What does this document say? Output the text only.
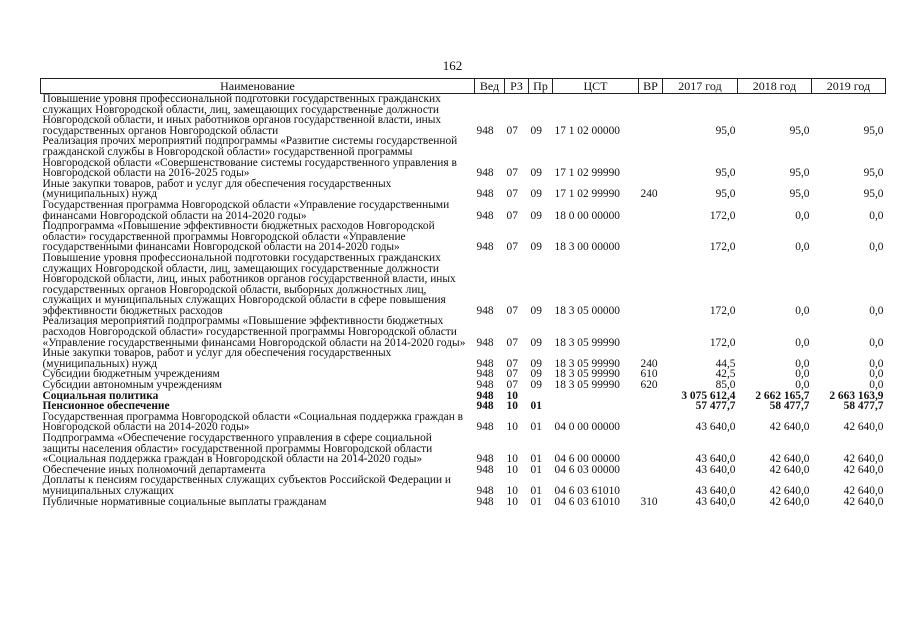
162
Наименование	Вед	РЗ	Пр	ЦСТ	ВР	2017 год	2018 год	2019 год
Повышение уровня профессиональной подготовки государственных гражданских служащих Новгородской области, лиц, замещающих государственные должности Новгородской области, и иных работников органов государственной власти, иных государственных органов Новгородской области	948	07	09	17 1 02 00000		95,0	95,0	95,0
Реализация прочих мероприятий подпрограммы «Развитие системы государственной гражданской службы в Новгородской области» государственной программы Новгородской области «Совершенствование системы государственного управления в Новгородской области на 2016-2025 годы»	948	07	09	17 1 02 99990		95,0	95,0	95,0
Иные закупки товаров, работ и услуг для обеспечения государственных (муниципальных) нужд	948	07	09	17 1 02 99990	240	95,0	95,0	95,0
Государственная программа Новгородской области «Управление государственными финансами Новгородской области на 2014-2020 годы»	948	07	09	18 0 00 00000		172,0	0,0	0,0
Подпрограмма «Повышение эффективности бюджетных расходов Новгородской области» государственной программы Новгородской области «Управление государственными финансами Новгородской области на 2014-2020 годы»	948	07	09	18 3 00 00000		172,0	0,0	0,0
Повышение уровня профессиональной подготовки государственных гражданских служащих Новгородской области, лиц, замещающих государственные должности Новгородской области, лиц, иных работников органов государственной власти, иных государственных органов Новгородской области, выборных должностных лиц, служащих и муниципальных служащих Новгородской области в сфере повышения эффективности бюджетных расходов	948	07	09	18 3 05 00000		172,0	0,0	0,0
Реализация мероприятий подпрограммы «Повышение эффективности бюджетных расходов Новгородской области» государственной программы Новгородской области «Управление государственными финансами Новгородской области на 2014-2020 годы»	948	07	09	18 3 05 99990		172,0	0,0	0,0
Иные закупки товаров, работ и услуг для обеспечения государственных (муниципальных) нужд	948	07	09	18 3 05 99990	240	44,5	0,0	0,0
Субсидии бюджетным учреждениям	948	07	09	18 3 05 99990	610	42,5	0,0	0,0
Субсидии автономным учреждениям	948	07	09	18 3 05 99990	620	85,0	0,0	0,0
Социальная политика	948	10				3 075 612,4	2 662 165,7	2 663 163,9
Пенсионное обеспечение	948	10	01			57 477,7	58 477,7	58 477,7
Государственная программа Новгородской области «Социальная поддержка граждан в Новгородской области на 2014-2020 годы»	948	10	01	04 0 00 00000		43 640,0	42 640,0	42 640,0
Подпрограмма «Обеспечение государственного управления в сфере социальной защиты населения области» государственной программы Новгородской области «Социальная поддержка граждан в Новгородской области на 2014-2020 годы»	948	10	01	04 6 00 00000		43 640,0	42 640,0	42 640,0
Обеспечение иных полномочий департамента	948	10	01	04 6 03 00000		43 640,0	42 640,0	42 640,0
Доплаты к пенсиям государственных служащих субъектов Российской Федерации и муниципальных служащих	948	10	01	04 6 03 61010		43 640,0	42 640,0	42 640,0
Публичные нормативные социальные выплаты гражданам	948	10	01	04 6 03 61010	310	43 640,0	42 640,0	42 640,0
